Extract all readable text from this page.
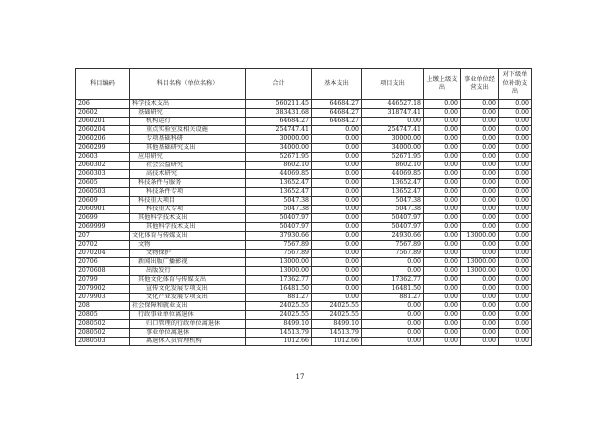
科目编码	科目名称（单位名称）	合计	基本支出	项目支出	上缴上级支出	事业单位经营支出	对下级单位补助支出
206	科学技术支出	560211.45	64684.27	446527.18	0.00	0.00	0.00
20602	基础研究	383431.68	64684.27	318747.41	0.00	0.00	0.00
2060201	机构运行	64684.27	64684.27	0.00	0.00	0.00	0.00
2060204	重点实验室及相关设施	254747.41	0.00	254747.41	0.00	0.00	0.00
2060206	专项基础科研	30000.00	0.00	30000.00	0.00	0.00	0.00
2060299	其他基础研究支出	34000.00	0.00	34000.00	0.00	0.00	0.00
20603	应用研究	52671.95	0.00	52671.95	0.00	0.00	0.00
2060302	社会公益研究	8602.10	0.00	8602.10	0.00	0.00	0.00
2060303	高技术研究	44069.85	0.00	44069.85	0.00	0.00	0.00
20605	科技条件与服务	13652.47	0.00	13652.47	0.00	0.00	0.00
2060503	科技条件专项	13652.47	0.00	13652.47	0.00	0.00	0.00
20609	科技重大项目	5047.38	0.00	5047.38	0.00	0.00	0.00
2060901	科技重大专项	5047.38	0.00	5047.38	0.00	0.00	0.00
20699	其他科学技术支出	50407.97	0.00	50407.97	0.00	0.00	0.00
2069999	其他科学技术支出	50407.97	0.00	50407.97	0.00	0.00	0.00
207	文化体育与传媒支出	37930.66	0.00	24930.66	0.00	13000.00	0.00
20702	文物	7567.89	0.00	7567.89	0.00	0.00	0.00
2070204	文物保护	7567.89	0.00	7567.89	0.00	0.00	0.00
20706	新闻出版广播影视	13000.00	0.00	0.00	0.00	13000.00	0.00
2070608	出版发行	13000.00	0.00	0.00	0.00	13000.00	0.00
20799	其他文化体育与传媒支出	17362.77	0.00	17362.77	0.00	0.00	0.00
2079902	宣传文化发展专项支出	16481.50	0.00	16481.50	0.00	0.00	0.00
2079903	文化产业发展专项支出	881.27	0.00	881.27	0.00	0.00	0.00
208	社会保障和就业支出	24025.55	24025.55	0.00	0.00	0.00	0.00
20805	行政事业单位离退休	24025.55	24025.55	0.00	0.00	0.00	0.00
2080502	归口管理的行政单位离退休	8499.10	8499.10	0.00	0.00	0.00	0.00
2080502	事业单位离退休	14513.79	14513.79	0.00	0.00	0.00	0.00
2080503	离退休人员管理机构	1012.66	1012.66	0.00	0.00	0.00	0.00
17
